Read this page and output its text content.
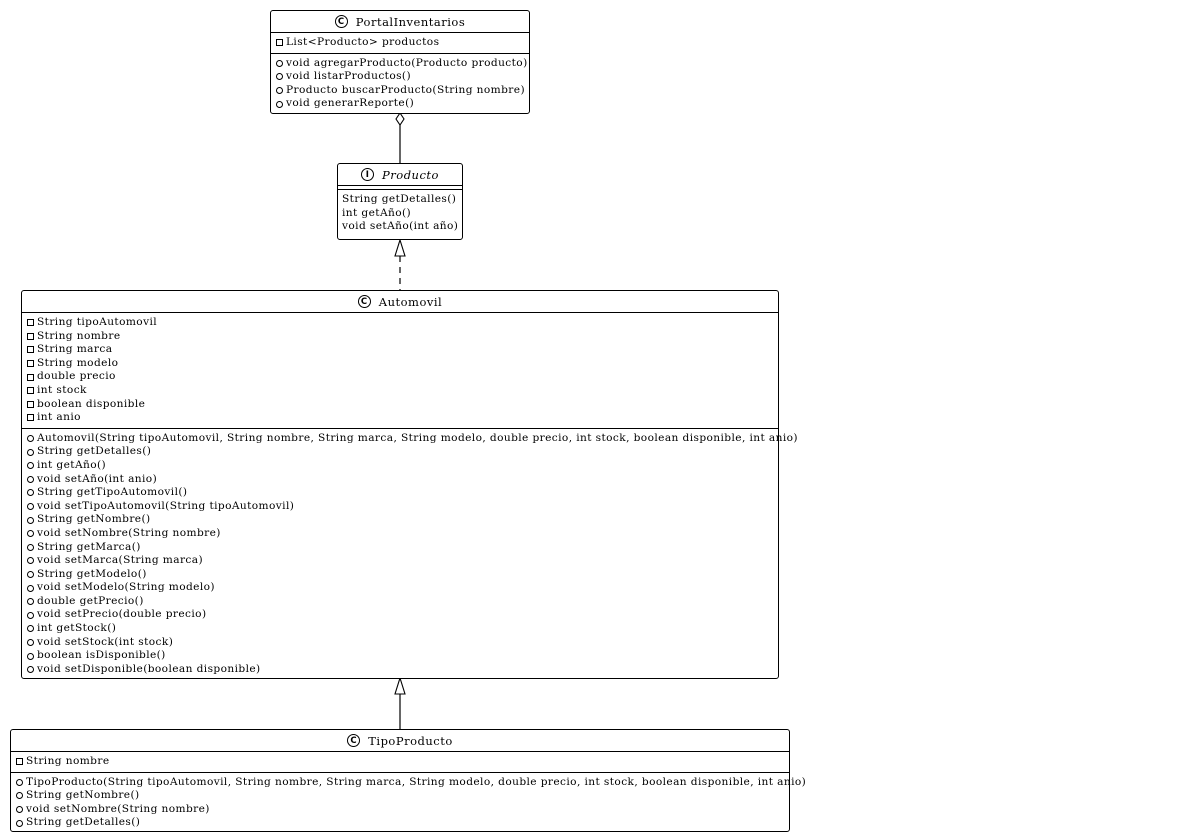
C PortalInventarios
List<Producto> productos
void agregarProducto(Producto producto)
void listarProductos()
Producto buscarProducto(String nombre)
void generarReporte()
I	Producto
String getDetalles()
int getAño()
void setAño(int año)
C Automovil
String tipoAutomovil
String nombre
String marca
String modelo
double precio
int stock
boolean disponible
int anio
Automovil(String tipoAutomovil, String nombre, String marca, String modelo, double precio, int stock, boolean disponible, int anio)
String getDetalles()
int getAño()
void setAño(int anio)
String getTipoAutomovil()
void setTipoAutomovil(String tipoAutomovil)
String getNombre()
void setNombre(String nombre)
String getMarca()
void setMarca(String marca)
String getModelo()
void setModelo(String modelo)
double getPrecio()
void setPrecio(double precio)
int getStock()
void setStock(int stock)
boolean isDisponible()
void setDisponible(boolean disponible)
C TipoProducto
String nombre
TipoProducto(String tipoAutomovil, String nombre, String marca, String modelo, double precio, int stock, boolean disponible, int anio)
String getNombre()
void setNombre(String nombre)
String getDetalles()
